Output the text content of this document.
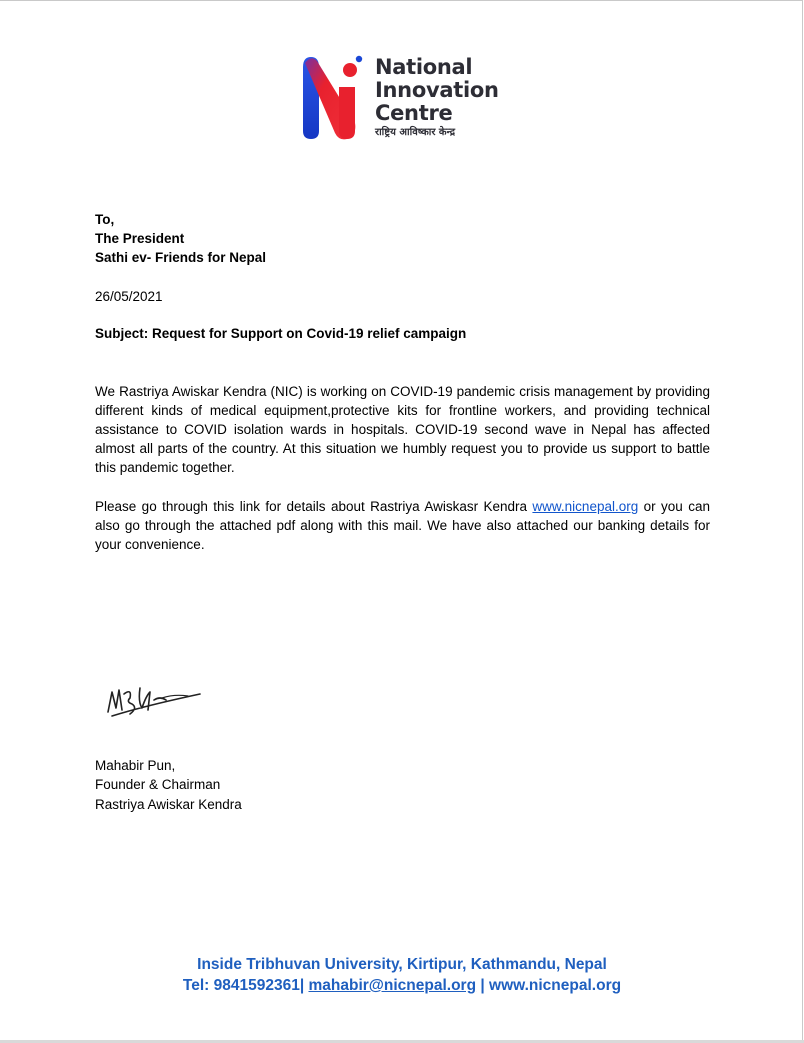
National
Innovation
Centre
राष्ट्रिय आविष्कार केन्द्र
To,
The President
Sathi ev- Friends for Nepal
26/05/2021
Subject: Request for Support on Covid-19 relief campaign
We Rastriya Awiskar Kendra (NIC) is working on COVID-19 pandemic crisis management by providing different kinds of medical equipment,protective kits for frontline workers, and providing technical assistance to COVID isolation wards in hospitals. COVID-19 second wave in Nepal has affected almost all parts of the country. At this situation we humbly request you to provide us support to battle this pandemic together.
Please go through this link for details about Rastriya Awiskasr Kendra www.nicnepal.org or you can also go through the attached pdf along with this mail. We have also attached our banking details for your convenience.
Mahabir Pun,
Founder & Chairman
Rastriya Awiskar Kendra
Inside Tribhuvan University, Kirtipur, Kathmandu, Nepal
Tel: 9841592361| mahabir@nicnepal.org | www.nicnepal.org
